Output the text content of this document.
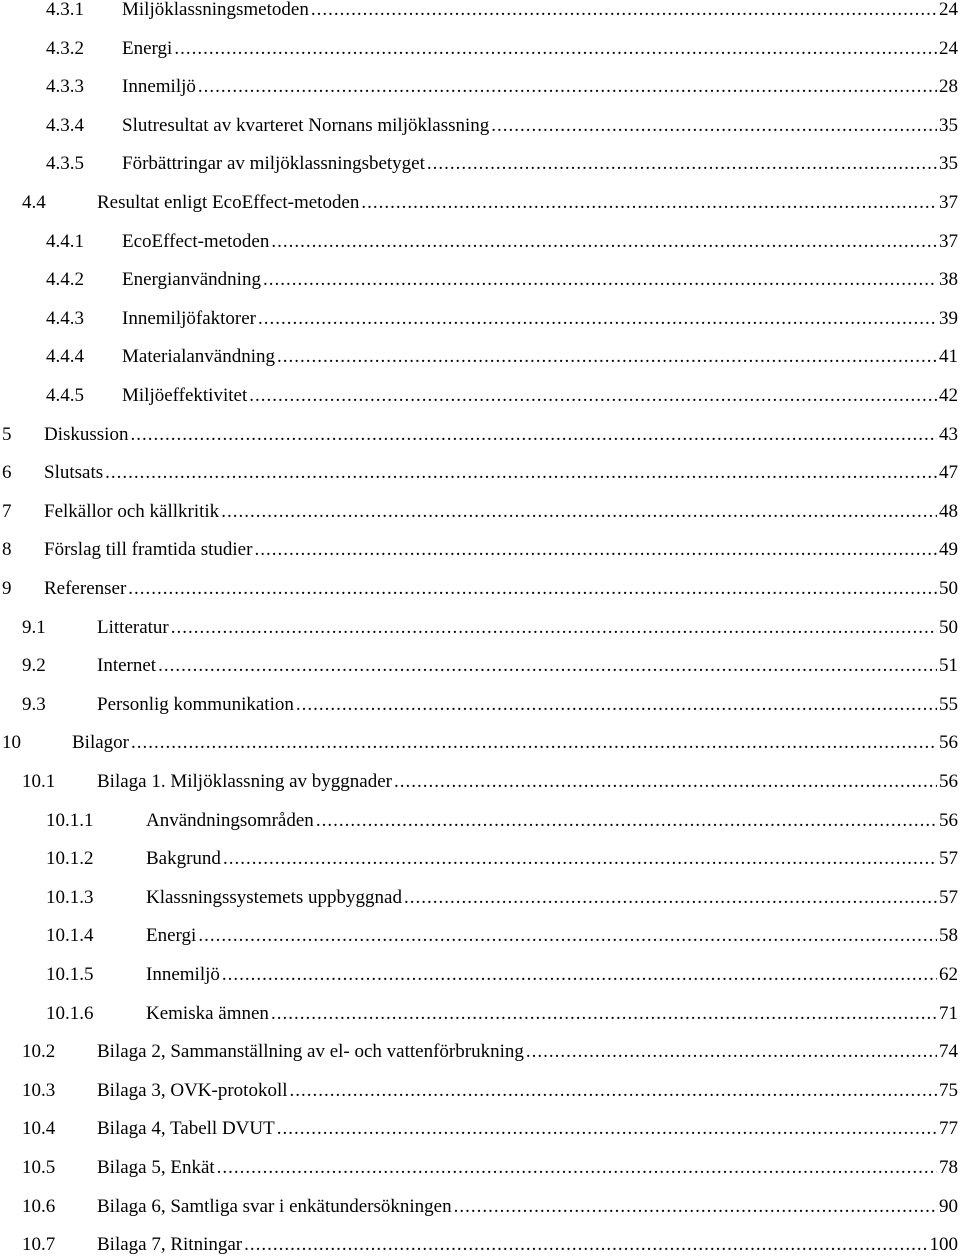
4.3.1	Miljöklassningsmetoden .....	24
4.3.2	Energi .....	24
4.3.3	Innemiljö .....	28
4.3.4	Slutresultat av kvarteret Nornans miljöklassning .....	35
4.3.5	Förbättringar av miljöklassningsbetyget .....	35
4.4	Resultat enligt EcoEffect-metoden .....	37
4.4.1	EcoEffect-metoden .....	37
4.4.2	Energianvändning .....	38
4.4.3	Innemiljöfaktorer .....	39
4.4.4	Materialanvändning .....	41
4.4.5	Miljöeffektivitet .....	42
5	Diskussion .....	43
6	Slutsats .....	47
7	Felkällor och källkritik .....	48
8	Förslag till framtida studier .....	49
9	Referenser .....	50
9.1	Litteratur .....	50
9.2	Internet .....	51
9.3	Personlig kommunikation .....	55
10	Bilagor .....	56
10.1	Bilaga 1. Miljöklassning av byggnader .....	56
10.1.1	Användningsområden .....	56
10.1.2	Bakgrund .....	57
10.1.3	Klassningssystemets uppbyggnad .....	57
10.1.4	Energi .....	58
10.1.5	Innemiljö .....	62
10.1.6	Kemiska ämnen .....	71
10.2	Bilaga 2, Sammanställning av el- och vattenförbrukning .....	74
10.3	Bilaga 3, OVK-protokoll .....	75
10.4	Bilaga 4, Tabell DVUT .....	77
10.5	Bilaga 5, Enkät .....	78
10.6	Bilaga 6, Samtliga svar i enkätundersökningen .....	90
10.7	Bilaga 7, Ritningar .....	100
